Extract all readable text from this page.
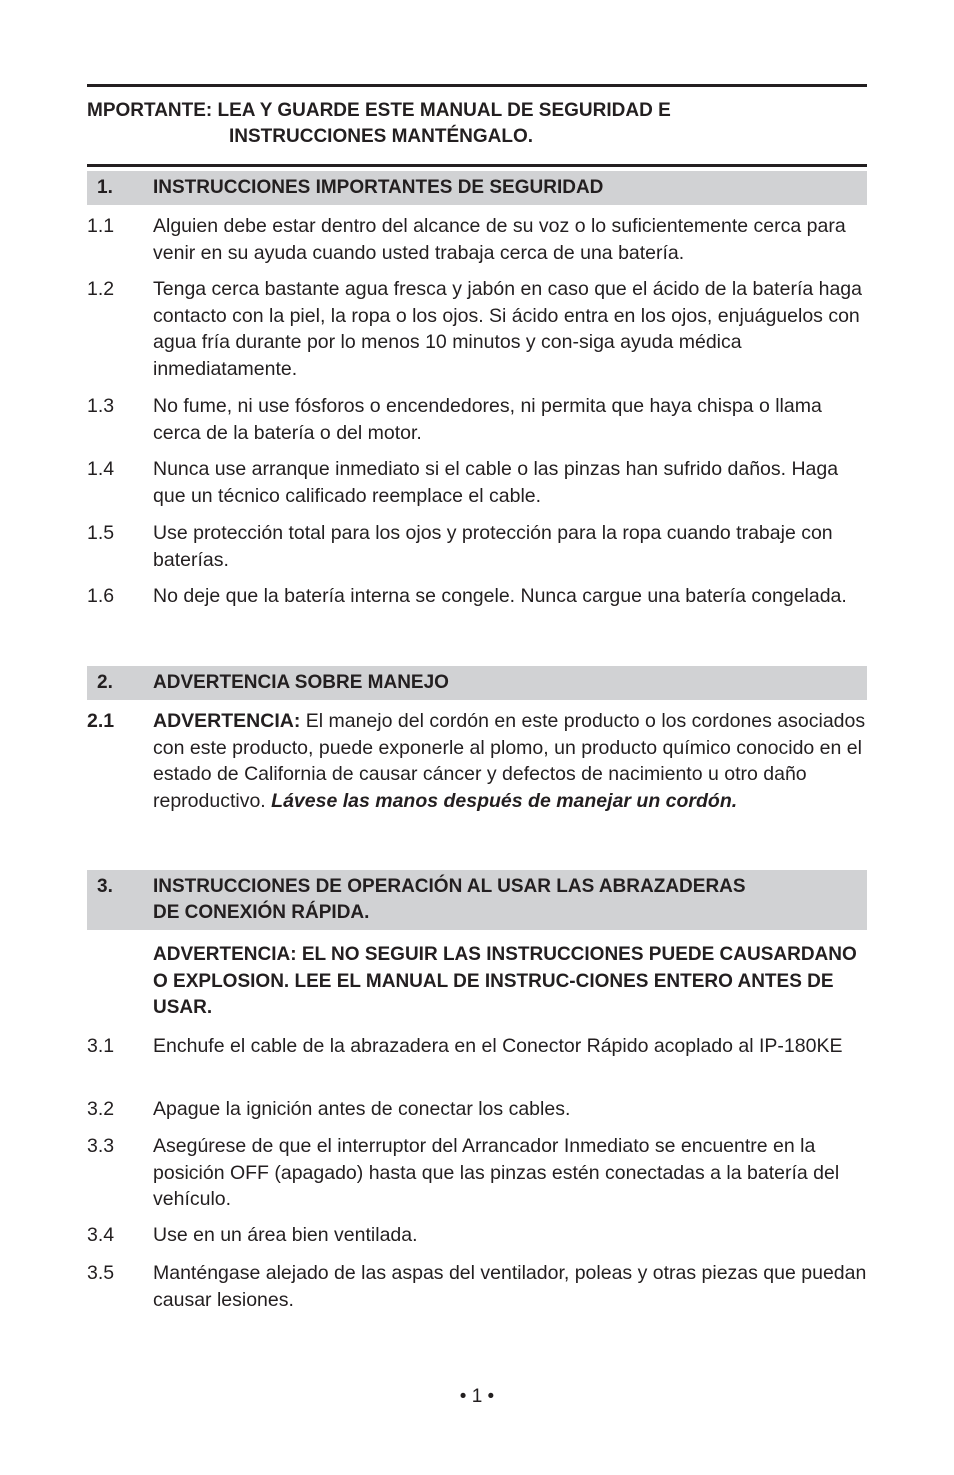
MPORTANTE: LEA Y GUARDE ESTE MANUAL DE SEGURIDAD E
INSTRUCCIONES MANTÉNGALO.
1.	INSTRUCCIONES IMPORTANTES DE SEGURIDAD
1.1	Alguien debe estar dentro del alcance de su voz o lo suficientemente cerca para venir en su ayuda cuando usted trabaja cerca de una batería.
1.2	Tenga cerca bastante agua fresca y jabón en caso que el ácido de la batería haga contacto con la piel, la ropa o los ojos. Si ácido entra en los ojos, enjuáguelos con agua fría durante por lo menos 10 minutos y con-siga ayuda médica inmediatamente.
1.3	No fume, ni use fósforos o encendedores, ni permita que haya chispa o llama cerca de la batería o del motor.
1.4	Nunca use arranque inmediato si el cable o las pinzas han sufrido daños. Haga que un técnico calificado reemplace el cable.
1.5	Use protección total para los ojos y protección para la ropa cuando trabaje con baterías.
1.6	No deje que la batería interna se congele. Nunca cargue una batería congelada.
2.	ADVERTENCIA SOBRE MANEJO
2.1	ADVERTENCIA: El manejo del cordón en este producto o los cordones asociados con este producto, puede exponerle al plomo, un producto químico conocido en el estado de California de causar cáncer y defectos de nacimiento u otro daño reproductivo. Lávese las manos después de manejar un cordón.
3.	INSTRUCCIONES DE OPERACIÓN AL USAR LAS ABRAZADERAS
DE CONEXIÓN RÁPIDA.
ADVERTENCIA: EL NO SEGUIR LAS INSTRUCCIONES PUEDE CAUSARDANO O EXPLOSION. LEE EL MANUAL DE INSTRUC-CIONES ENTERO ANTES DE USAR.
3.1	Enchufe el cable de la abrazadera en el Conector Rápido acoplado al IP-180KE
3.2	Apague la ignición antes de conectar los cables.
3.3	Asegúrese de que el interruptor del Arrancador Inmediato se encuentre en la posición OFF (apagado) hasta que las pinzas estén conectadas a la batería del vehículo.
3.4	Use en un área bien ventilada.
3.5	Manténgase alejado de las aspas del ventilador, poleas y otras piezas que puedan causar lesiones.
• 1 •
